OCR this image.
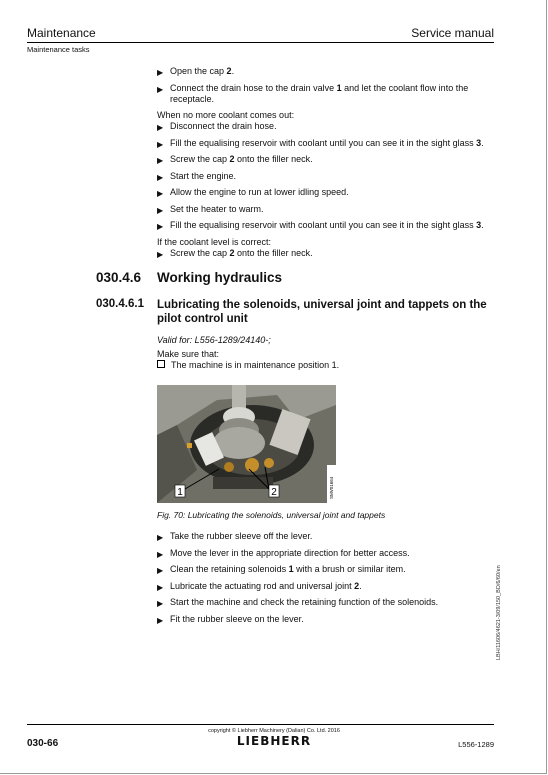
Maintenance	Service manual
Maintenance tasks
▶ Open the cap 2.
▶ Connect the drain hose to the drain valve 1 and let the coolant flow into the receptacle.
When no more coolant comes out:
▶ Disconnect the drain hose.
▶ Fill the equalising reservoir with coolant until you can see it in the sight glass 3.
▶ Screw the cap 2 onto the filler neck.
▶ Start the engine.
▶ Allow the engine to run at lower idling speed.
▶ Set the heater to warm.
▶ Fill the equalising reservoir with coolant until you can see it in the sight glass 3.
If the coolant level is correct:
▶ Screw the cap 2 onto the filler neck.
030.4.6 Working hydraulics
030.4.6.1 Lubricating the solenoids, universal joint and tappets on the pilot control unit
Valid for: L556-1289/24140-;
Make sure that:
The machine is in maintenance position 1.
1	2	SMV01664
Fig. 70: Lubricating the solenoids, universal joint and tappets
▶ Take the rubber sleeve off the lever.
▶ Move the lever in the appropriate direction for better access.
▶ Clean the retaining solenoids 1 with a brush or similar item.
▶ Lubricate the actuating rod and universal joint 2.
▶ Start the machine and check the retaining function of the solenoids.
▶ Fit the rubber sleeve on the lever.	LBH/11606/4621-3/09/150_BD/6/60/en
copyright © Liebherr Machinery (Dalian) Co. Ltd. 2016
LIEBHERR
030-66	L556-1289
